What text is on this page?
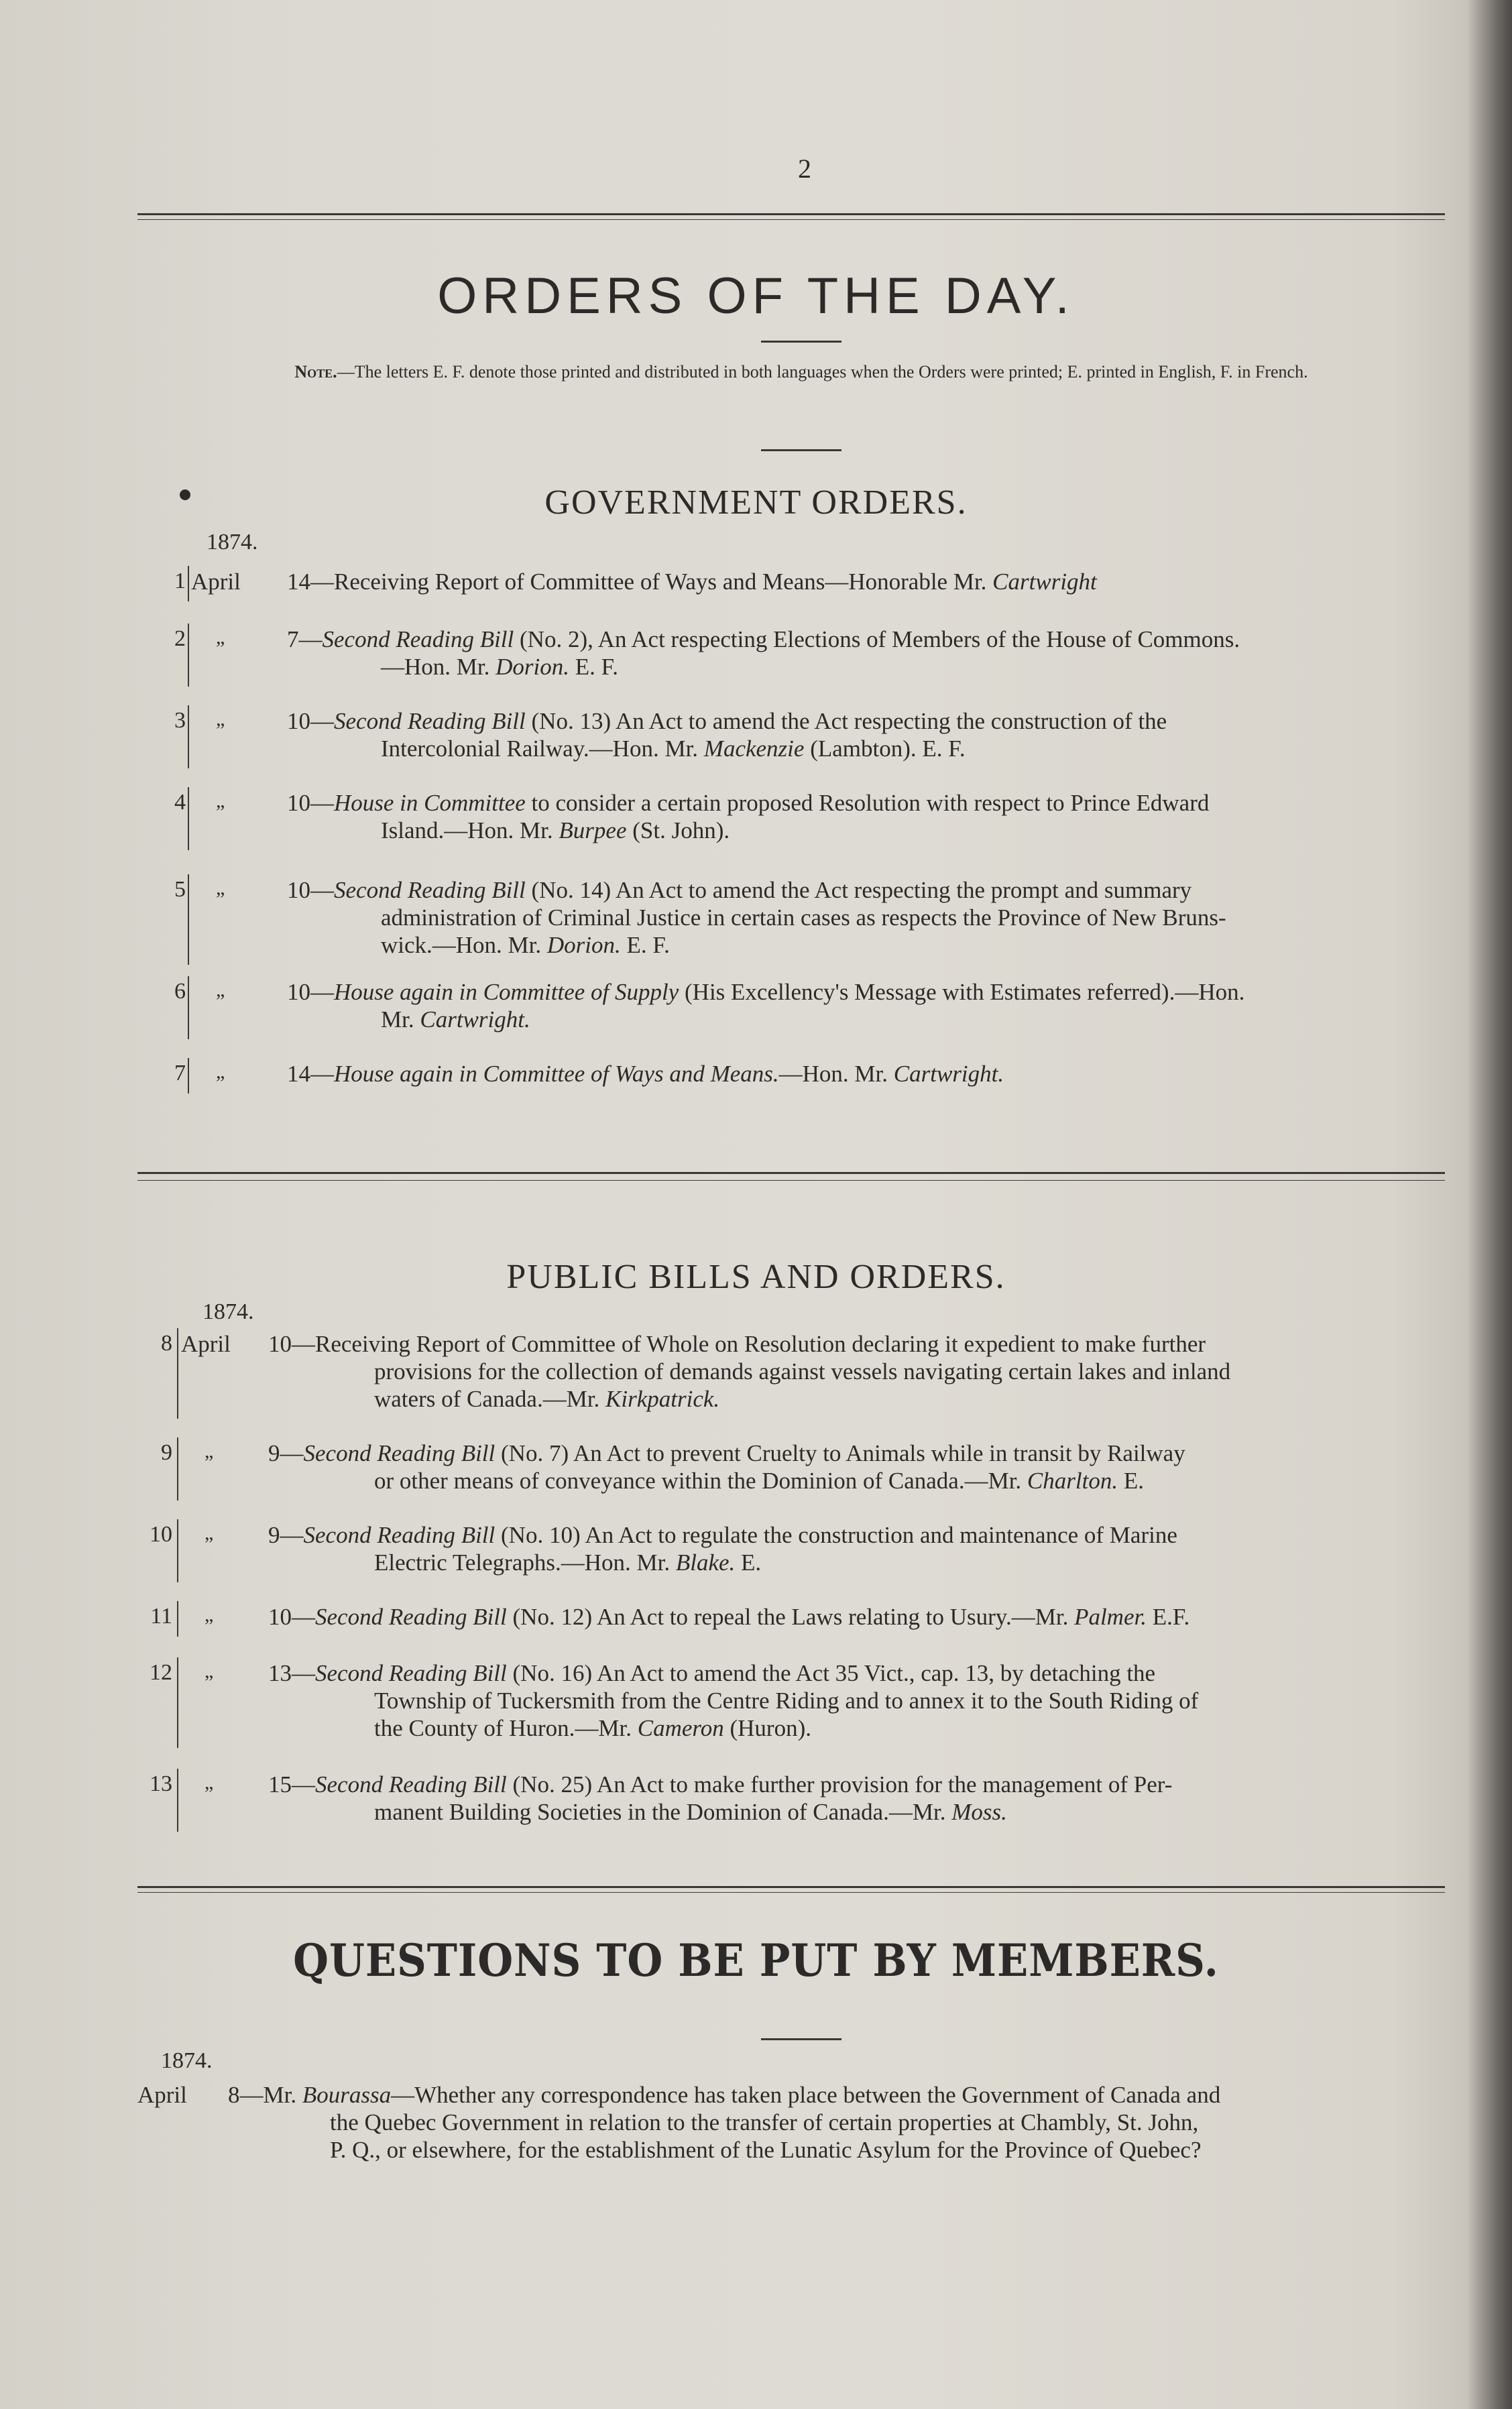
2
ORDERS OF THE DAY.
Note.—The letters E. F. denote those printed and distributed in both languages when the Orders were printed; E. printed in English, F. in French.
GOVERNMENT ORDERS.
1874.
1 April 14—Receiving Report of Committee of Ways and Means—Honorable Mr. Cartwright
2 „	7—Second Reading Bill (No. 2), An Act respecting Elections of Members of the House of Commons.
—Hon. Mr. Dorion. E. F.
3 „	10—Second Reading Bill (No. 13) An Act to amend the Act respecting the construction of the
Intercolonial Railway.—Hon. Mr. Mackenzie (Lambton). E. F.
4 „	10—House in Committee to consider a certain proposed Resolution with respect to Prince Edward
Island.—Hon. Mr. Burpee (St. John).
5 „	10—Second Reading Bill (No. 14) An Act to amend the Act respecting the prompt and summary
administration of Criminal Justice in certain cases as respects the Province of New Bruns-
wick.—Hon. Mr. Dorion. E. F.
6 „	10—House again in Committee of Supply (His Excellency's Message with Estimates referred).—Hon.
Mr. Cartwright.
7 „	14—House again in Committee of Ways and Means.—Hon. Mr. Cartwright.
PUBLIC BILLS AND ORDERS.
1874.
8 April 10—Receiving Report of Committee of Whole on Resolution declaring it expedient to make further
provisions for the collection of demands against vessels navigating certain lakes and inland
waters of Canada.—Mr. Kirkpatrick.
9 „ 9—Second Reading Bill (No. 7) An Act to prevent Cruelty to Animals while in transit by Railway
or other means of conveyance within the Dominion of Canada.—Mr. Charlton. E.
10 „ 9—Second Reading Bill (No. 10) An Act to regulate the construction and maintenance of Marine
Electric Telegraphs.—Hon. Mr. Blake. E.
11 „ 10—Second Reading Bill (No. 12) An Act to repeal the Laws relating to Usury.—Mr. Palmer. E.F.
12 „ 13—Second Reading Bill (No. 16) An Act to amend the Act 35 Vict., cap. 13, by detaching the
Township of Tuckersmith from the Centre Riding and to annex it to the South Riding of
the County of Huron.—Mr. Cameron (Huron).
13 „ 15—Second Reading Bill (No. 25) An Act to make further provision for the management of Per-
manent Building Societies in the Dominion of Canada.—Mr. Moss.
QUESTIONS TO BE PUT BY MEMBERS.
1874.
April 8—Mr. Bourassa—Whether any correspondence has taken place between the Government of Canada and
the Quebec Government in relation to the transfer of certain properties at Chambly, St. John,
P. Q., or elsewhere, for the establishment of the Lunatic Asylum for the Province of Quebec?
